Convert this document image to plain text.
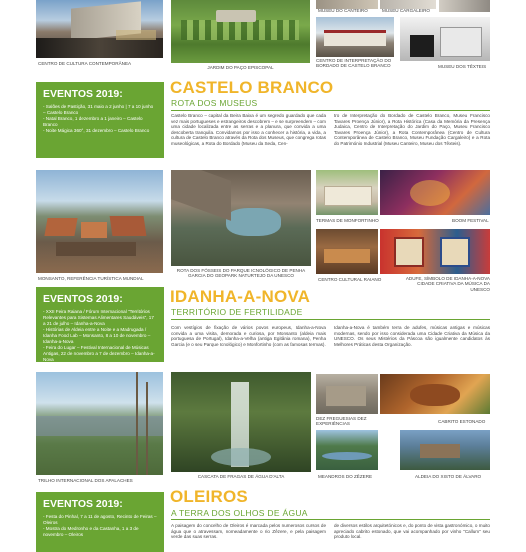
CENTRO DE CULTURA CONTEMPORÂNEA
JARDIM DO PAÇO EPISCOPAL
MUSEU DO CANTEIRO	MUSEU CARGALEIRO
CENTRO DE INTERPRETAÇÃO DO BORDADO DE CASTELO BRANCO	MUSEU DOS TÊXTEIS
EVENTOS 2019:
- Salões de Pastição, 31 maio a 2 junho | 7 a 10 junho – Castelo Branco
- Natal Branco, 1 dezembro a 1 janeiro – Castelo Branco
- Noite Mágica 360°, 31 dezembro – Castelo Branco
CASTELO BRANCO
ROTA DOS MUSEUS
Castelo Branco – capital da Beira Baixa é um segredo guardado que cada vez mais portugueses e estrangeiros descobrem – e se surpreendem – com uma cidade localizada entre as serras e a planura, que convida a uma descoberta tranquila. Convidamos por isso a conhecer a história, a vida, a cultura de Castelo Branco através da Rota dos Museus, que congrega rotas museológicas, a Rota do Bordado (Museu da Seda, Cen-
tro de Interpretação do Bordado de Castelo Branco, Museu Francisco Tavares Proença Júnior), a Rota Histórica (Casa da Memória da Presença Judaica, Centro de Interpretação do Jardim do Paço, Museu Francisco Tavares Proença Júnior), a Rota Contemporânea (Centro de Cultura Contemporânea de Castelo Branco, Museu Fundação Cargaleiro) e a Rota do Património Industrial (Museu Canteiro, Museu dos Têxteis).
MONSANTO, REFERÊNCIA TURÍSTICA MUNDIAL
ROTA DOS FÓSSEIS DO PARQUE ICNOLÓGICO DE PENHA GARCIA DO GEOPARK NATURTEJO DA UNESCO
TERMAS DE MONFORTINHO	BOOM FESTIVAL
CENTRO CULTURAL RAIANO	ADUFE, SÍMBOLO DE IDANHA-A-NOVA CIDADE CRIATIVA DA MÚSICA DA UNESCO
EVENTOS 2019:
- XXII Feira Raiana / Fórum Internacional "Territórios Relevantes para Sistemas Alimentares Saudáveis", 17 a 21 de julho – Idanha-a-Nova
- Histórias de Aldeia entre a Noite e a Madrugada / Idanha Food Lab – Monsanto, 8 a 10 de novembro – Idanha-a-Nova
- Feira do Lugar – Festival Internacional de Músicas Antigas, 22 de novembro a 7 de dezembro – Idanha-a-Nova
IDANHA-A-NOVA
TERRITÓRIO DE FERTILIDADE
Com vestígios de fixação de vários povos europeus, Idanha-a-Nova convida a uma visita, demorada e curiosa, por Monsanto (aldeia mais portuguesa de Portugal), Idanha-a-Velha (antiga Egitânia romana), Penha Garcia (e o seu Parque Icnológico) e Monfortinho (com as famosas termas).
Idanha-a-Nova é também terra de adufes, músicas antigas e músicas modernas, sendo por isso considerada uma Cidade Criativa da Música da UNESCO. Os seus Mistérios da Páscoa são igualmente candidatos às Melhores Práticas desta Organização.
TRILHO INTERNACIONAL DOS APALACHES
CASCATA DE FRAGAS DE ÁGUA D'ALTA
DEZ FREGUESIAS DEZ EXPERIÊNCIAS	CABRITO ESTONADO
MEANDROS DO ZÊZERE	ALDEIA DO XISTO DE ÁLVARO
EVENTOS 2019:
- Festa do Pinhal, 7 a 11 de agosto, Recinto de Feiras – Oleiros
- Mostra do Medronho e da Castanha, 1 a 3 de novembro – Oleiros
OLEIROS
A TERRA DOS OLHOS DE ÁGUA
A paisagem do concelho de Oleiros é marcada pelos numerosos cursos de água que o atravessam, nomeadamente o rio Zêzere, e pela paisagem verde das suas serras.
de diversos estilos arquitetónicos e, do ponto de vista gastronómico, o muito apreciado cabrito estonado, que vai acompanhado por vinho "Callum" seu produto local.
